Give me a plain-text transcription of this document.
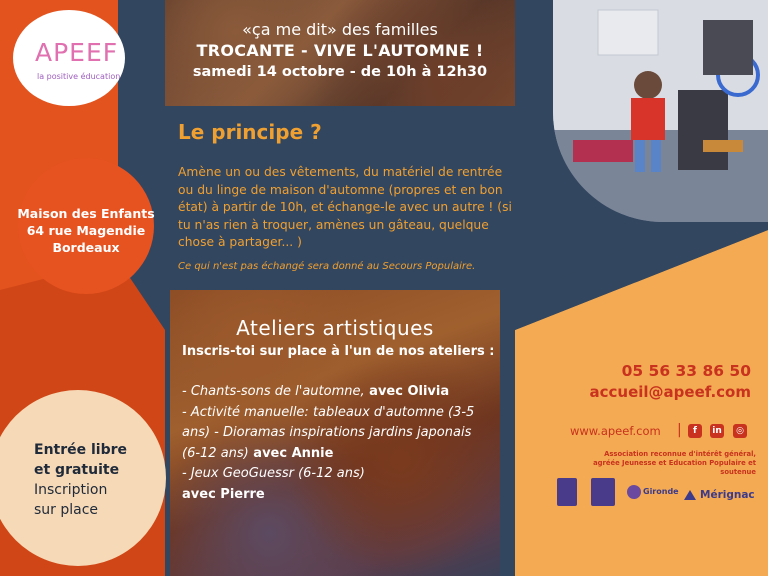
APEEF
la positive éducation
Maison des Enfants
64 rue Magendie
Bordeaux
Entrée libre
et gratuite
Inscription
sur place
«ça me dit» des familles
TROCANTE - VIVE L'AUTOMNE !
samedi 14 octobre - de 10h à 12h30
Le principe ?
Amène un ou des vêtements, du matériel de rentrée ou du linge de maison d'automne (propres et en bon état) à partir de 10h, et échange-le avec un autre ! (si tu n'as rien à troquer, amènes un gâteau, quelque chose à partager... )
Ce qui n'est pas échangé sera donné au Secours Populaire.
Ateliers artistiques
Inscris-toi sur place à l'un de nos ateliers :
- Chants-sons de l'automne, avec Olivia
- Activité manuelle: tableaux d'automne (3-5 ans) - Dioramas inspirations jardins japonais (6-12 ans) avec Annie
- Jeux GeoGuessr (6-12 ans)
avec Pierre
05 56 33 86 50
accueil@apeef.com
www.apeef.com |	f	in	◎
Association reconnue d'intérêt général,
agréée Jeunesse et Education Populaire et soutenue
Gironde Mérignac
